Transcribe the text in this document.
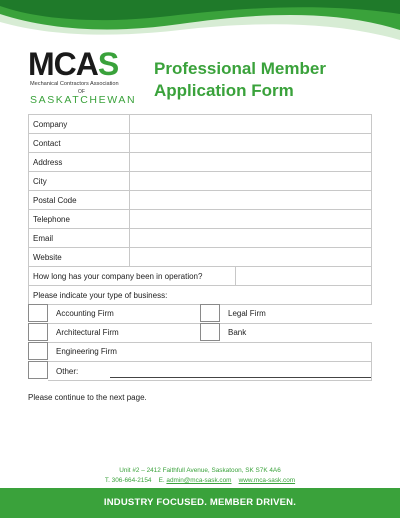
MCAS
Mechanical Contractors Association
OF
SASKATCHEWAN
Professional Member
Application Form
Company	
Contact	
Address	
City	
Postal Code	
Telephone	
Email	
Website	
How long has your company been in operation?	
Please indicate your type of business:
Accounting Firm	Legal Firm
Architectural Firm	Bank
Engineering Firm
Other:
Please continue to the next page.
Unit #2 – 2412 Faithfull Avenue, Saskatoon, SK S7K 4A6
T. 306-664-2154 E. admin@mca-sask.com www.mca-sask.com
INDUSTRY FOCUSED. MEMBER DRIVEN.
